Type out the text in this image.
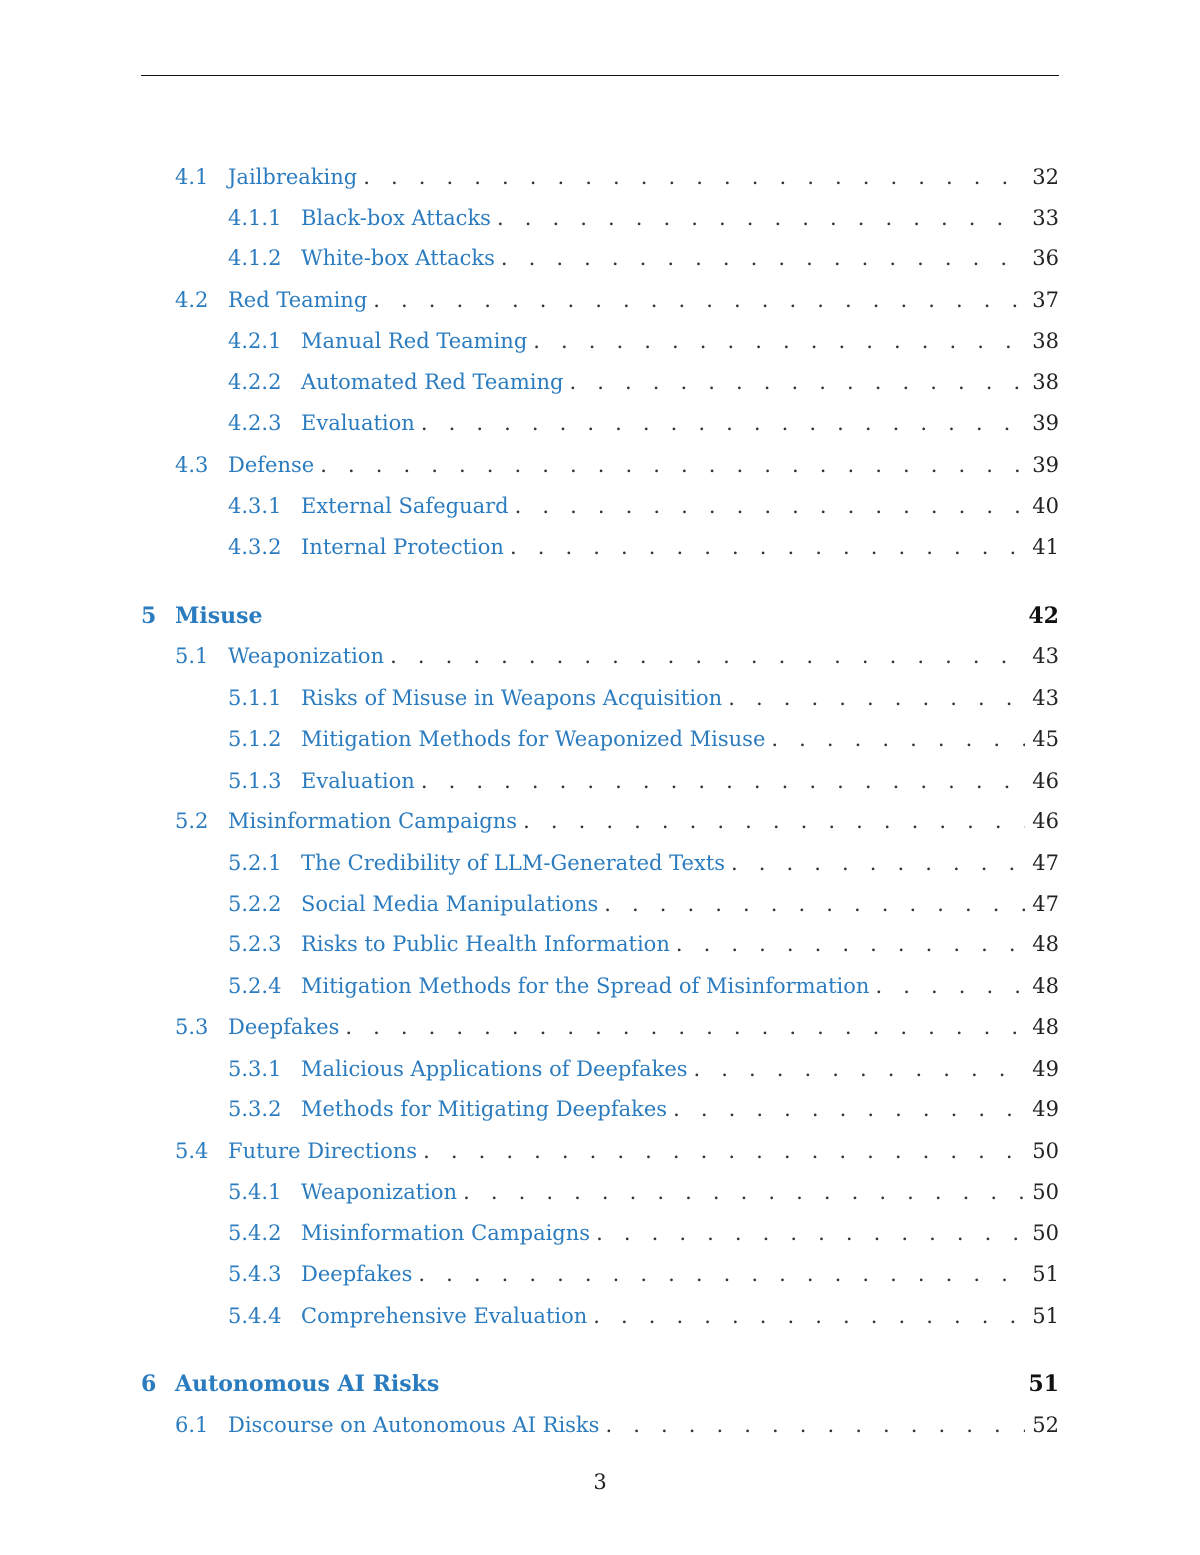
4.1 Jailbreaking . . .	32
4.1.1 Black-box Attacks . . .	33
4.1.2 White-box Attacks . . .	36
4.2 Red Teaming . . .	37
4.2.1 Manual Red Teaming . . .	38
4.2.2 Automated Red Teaming . . .	38
4.2.3 Evaluation . . .	39
4.3 Defense . . .	39
4.3.1 External Safeguard . . .	40
4.3.2 Internal Protection . . .	41
5 Misuse	42
5.1 Weaponization . . .	43
5.1.1 Risks of Misuse in Weapons Acquisition . . .	43
5.1.2 Mitigation Methods for Weaponized Misuse . . .	45
5.1.3 Evaluation . . .	46
5.2 Misinformation Campaigns . . .	46
5.2.1 The Credibility of LLM-Generated Texts . . .	47
5.2.2 Social Media Manipulations . . .	47
5.2.3 Risks to Public Health Information . . .	48
5.2.4 Mitigation Methods for the Spread of Misinformation . . .	48
5.3 Deepfakes . . .	48
5.3.1 Malicious Applications of Deepfakes . . .	49
5.3.2 Methods for Mitigating Deepfakes . . .	49
5.4 Future Directions . . .	50
5.4.1 Weaponization . . .	50
5.4.2 Misinformation Campaigns . . .	50
5.4.3 Deepfakes . . .	51
5.4.4 Comprehensive Evaluation . . .	51
6 Autonomous AI Risks	51
6.1 Discourse on Autonomous AI Risks . . .	52
3
